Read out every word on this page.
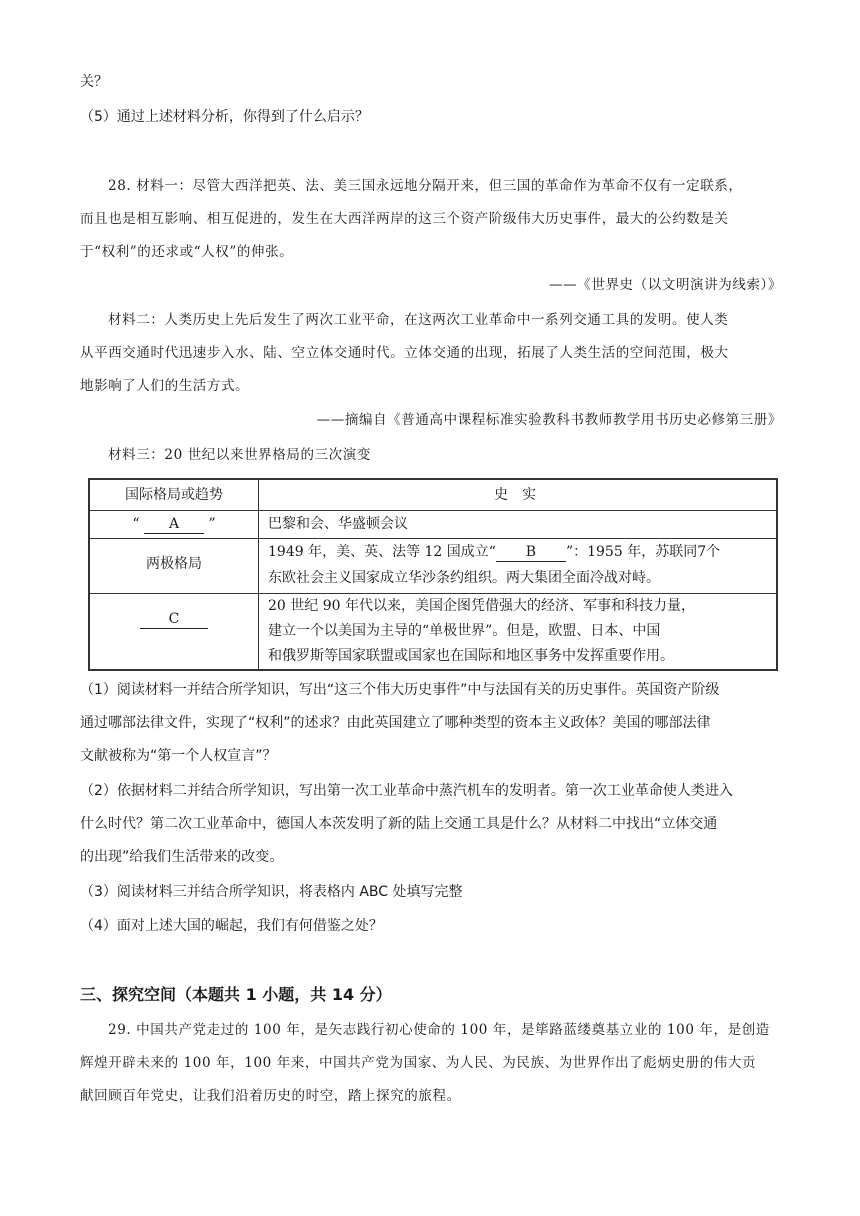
关？
（5）通过上述材料分析，你得到了什么启示？
28. 材料一：尽管大西洋把英、法、美三国永远地分隔开来，但三国的革命作为革命不仅有一定联系，
而且也是相互影响、相互促进的，发生在大西洋两岸的这三个资产阶级伟大历史事件，最大的公约数是关
于“权利”的还求或“人权”的伸张。
——《世界史（以文明演讲为线索）》
材料二：人类历史上先后发生了两次工业平命，在这两次工业革命中一系列交通工具的发明。使人类
从平西交通时代迅速步入水、陆、空立体交通时代。立体交通的出现，拓展了人类生活的空间范围，极大
地影响了人们的生活方式。
——摘编自《普通高中课程标准实验教科书教师教学用书历史必修第三册》
材料三：20 世纪以来世界格局的三次演变
国际格局或趋势	史　实
“ A ”	巴黎和会、华盛顿会议
两极格局
1949 年，美、英、法等 12 国成立“ B ”：1955 年，苏联同7个
东欧社会主义国家成立华沙条约组织。两大集团全面冷战对峙。
C
20 世纪 90 年代以来，美国企图凭借强大的经济、军事和科技力量，
建立一个以美国为主导的“单极世界”。但是，欧盟、日本、中国
和俄罗斯等国家联盟或国家也在国际和地区事务中发挥重要作用。
（1）阅读材料一并结合所学知识，写出“这三个伟大历史事件”中与法国有关的历史事件。英国资产阶级
通过哪部法律文件，实现了“权利”的述求？由此英国建立了哪种类型的资本主义政体？美国的哪部法律
文献被称为“第一个人权宣言”？
（2）依据材料二并结合所学知识，写出第一次工业革命中蒸汽机车的发明者。第一次工业革命使人类进入
什么时代？第二次工业革命中，德国人本茨发明了新的陆上交通工具是什么？从材料二中找出“立体交通
的出现”给我们生活带来的改变。
（3）阅读材料三并结合所学知识，将表格内 ABC 处填写完整
（4）面对上述大国的崛起，我们有何借鉴之处？
三、探究空间（本题共 1 小题，共 14 分）
29. 中国共产党走过的 100 年，是矢志践行初心使命的 100 年，是筚路蓝缕奠基立业的 100 年，是创造
辉煌开辟未来的 100 年，100 年来，中国共产党为国家、为人民、为民族、为世界作出了彪炳史册的伟大贡
献回顾百年党史，让我们沿着历史的时空，踏上探究的旅程。
